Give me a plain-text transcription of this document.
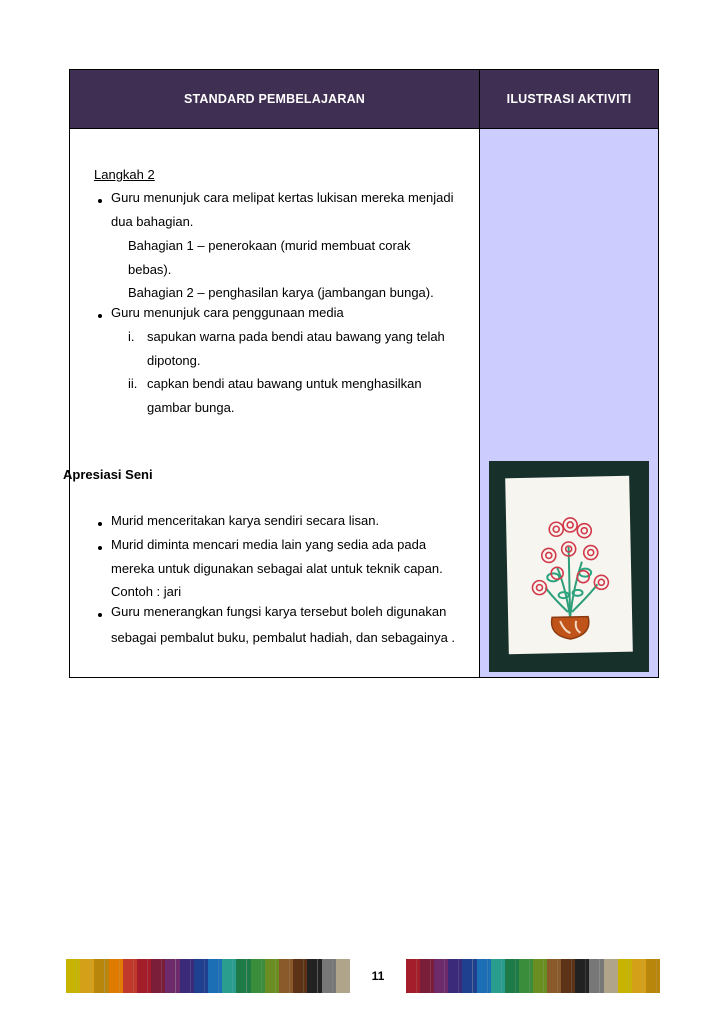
STANDARD PEMBELAJARAN	ILUSTRASI AKTIVITI
Langkah 2
Guru menunjuk cara melipat kertas lukisan mereka menjadi
dua bahagian.
Bahagian 1 – penerokaan (murid membuat corak
bebas).
Bahagian 2 – penghasilan karya (jambangan bunga).
Guru menunjuk cara penggunaan media
i. sapukan warna pada bendi atau bawang yang telah
dipotong.
ii. capkan bendi atau bawang untuk menghasilkan
gambar bunga.
Apresiasi Seni
Murid menceritakan karya sendiri secara lisan.
Murid diminta mencari media lain yang sedia ada pada
mereka untuk digunakan sebagai alat untuk teknik capan.
Contoh : jari
Guru menerangkan fungsi karya tersebut boleh digunakan
sebagai pembalut buku, pembalut hadiah, dan sebagainya .
11
